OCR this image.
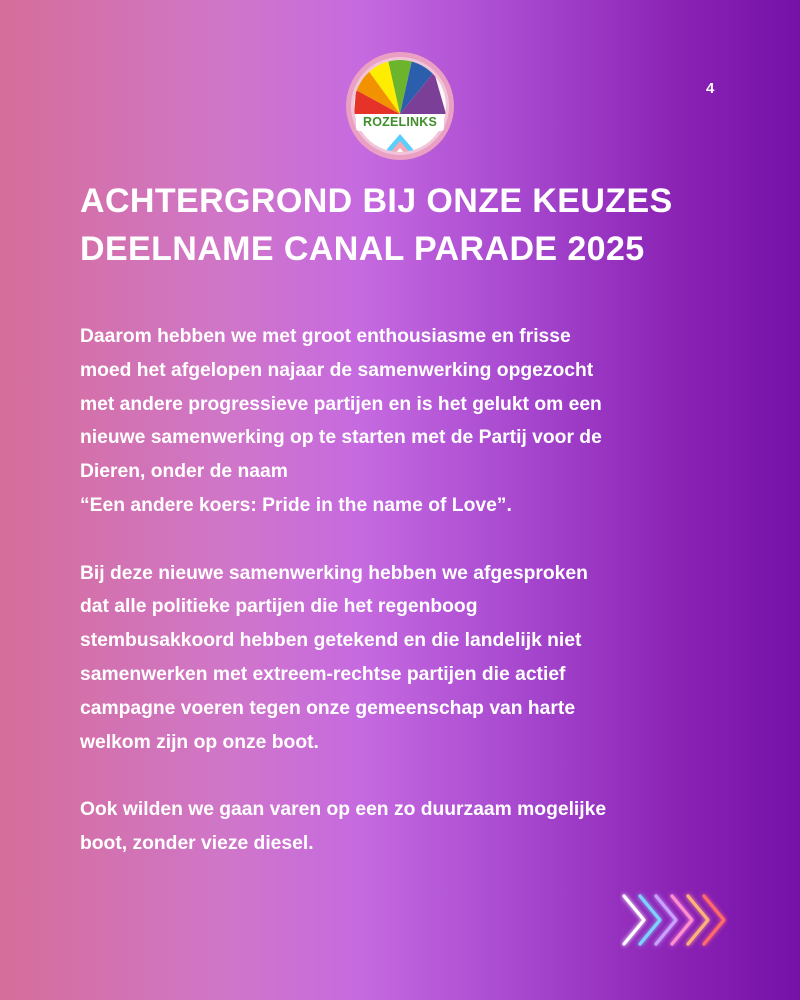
ROZELINKS
4
ACHTERGROND BIJ ONZE KEUZES
DEELNAME CANAL PARADE 2025

Daarom hebben we met groot enthousiasme en frisse
moed het afgelopen najaar de samenwerking opgezocht
met andere progressieve partijen en is het gelukt om een
nieuwe samenwerking op te starten met de Partij voor de
Dieren, onder de naam
“Een andere koers: Pride in the name of Love”.

Bij deze nieuwe samenwerking hebben we afgesproken
dat alle politieke partijen die het regenboog
stembusakkoord hebben getekend en die landelijk niet
samenwerken met extreem-rechtse partijen die actief
campagne voeren tegen onze gemeenschap van harte
welkom zijn op onze boot.

Ook wilden we gaan varen op een zo duurzaam mogelijke
boot, zonder vieze diesel.
